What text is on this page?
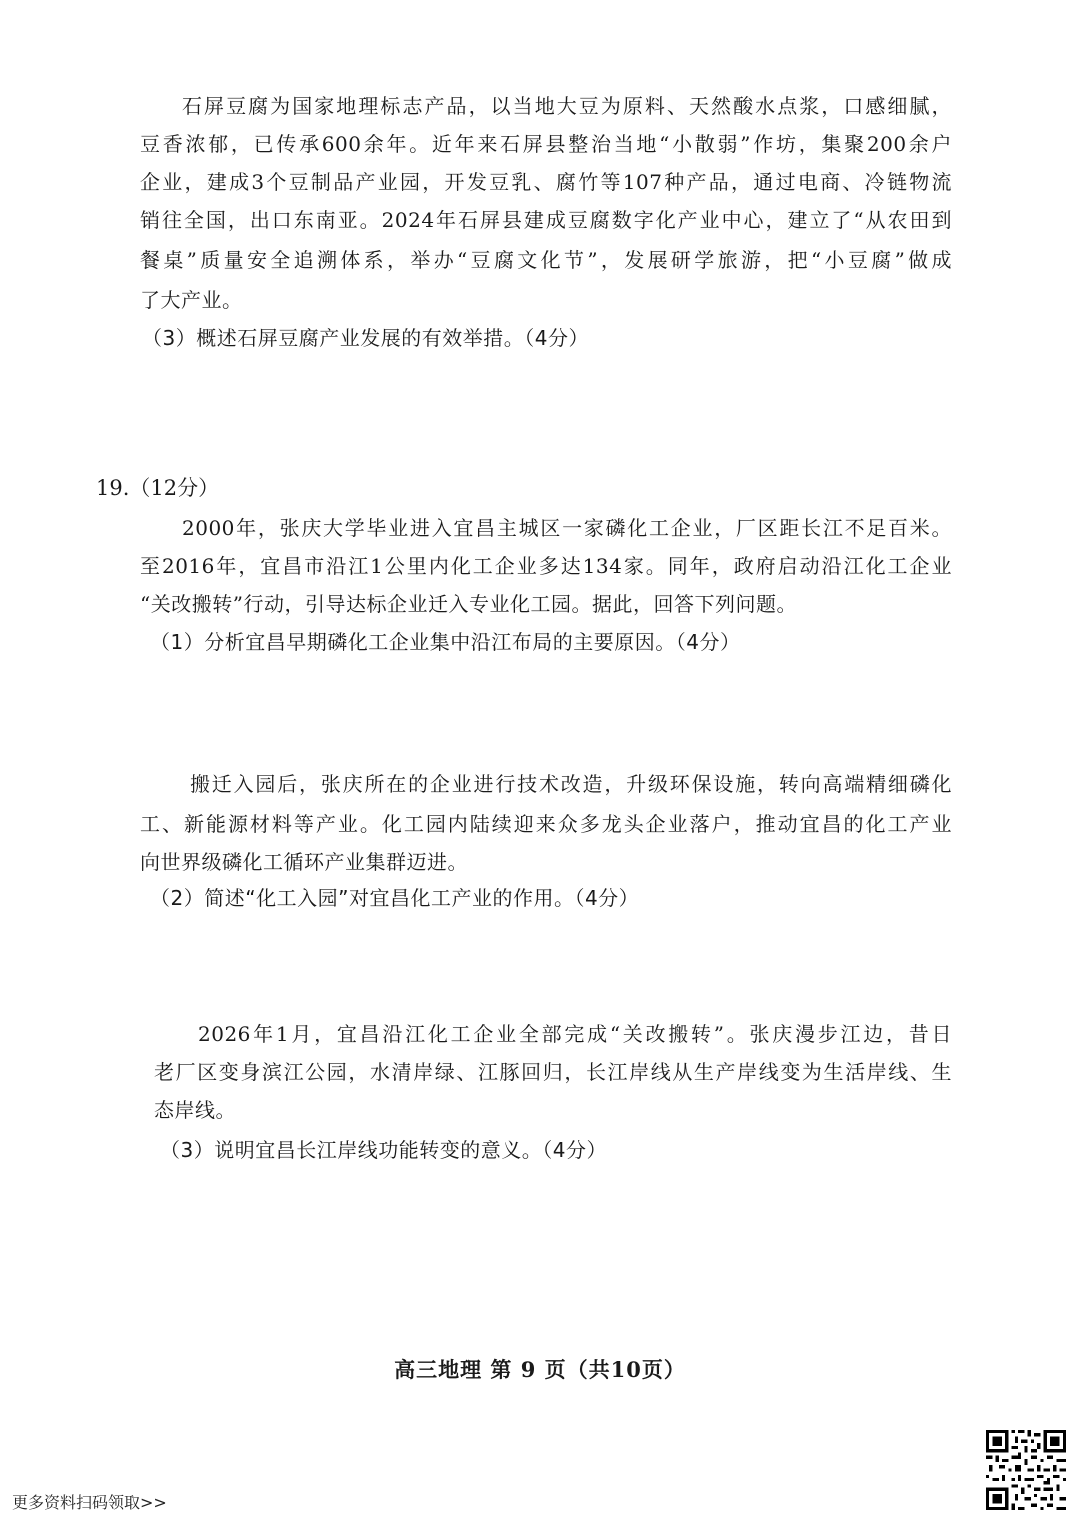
石屏豆腐为国家地理标志产品，以当地大豆为原料、天然酸水点浆，口感细腻，
豆香浓郁，已传承600余年。近年来石屏县整治当地“小散弱”作坊，集聚200余户
企业，建成3个豆制品产业园，开发豆乳、腐竹等107种产品，通过电商、冷链物流
销往全国，出口东南亚。2024年石屏县建成豆腐数字化产业中心，建立了“从农田到
餐桌”质量安全追溯体系，举办“豆腐文化节”，发展研学旅游，把“小豆腐”做成
了大产业。
（3）概述石屏豆腐产业发展的有效举措。（4分）
19.（12分）
2000年，张庆大学毕业进入宜昌主城区一家磷化工企业，厂区距长江不足百米。
至2016年，宜昌市沿江1公里内化工企业多达134家。同年，政府启动沿江化工企业
“关改搬转”行动，引导达标企业迁入专业化工园。据此，回答下列问题。
（1）分析宜昌早期磷化工企业集中沿江布局的主要原因。（4分）
搬迁入园后，张庆所在的企业进行技术改造，升级环保设施，转向高端精细磷化
工、新能源材料等产业。化工园内陆续迎来众多龙头企业落户，推动宜昌的化工产业
向世界级磷化工循环产业集群迈进。
（2）简述“化工入园”对宜昌化工产业的作用。（4分）
2026年1月，宜昌沿江化工企业全部完成“关改搬转”。张庆漫步江边，昔日
老厂区变身滨江公园，水清岸绿、江豚回归，长江岸线从生产岸线变为生活岸线、生
态岸线。
（3）说明宜昌长江岸线功能转变的意义。（4分）
高三地理 第 9 页（共10页）
更多资料扫码领取>>
